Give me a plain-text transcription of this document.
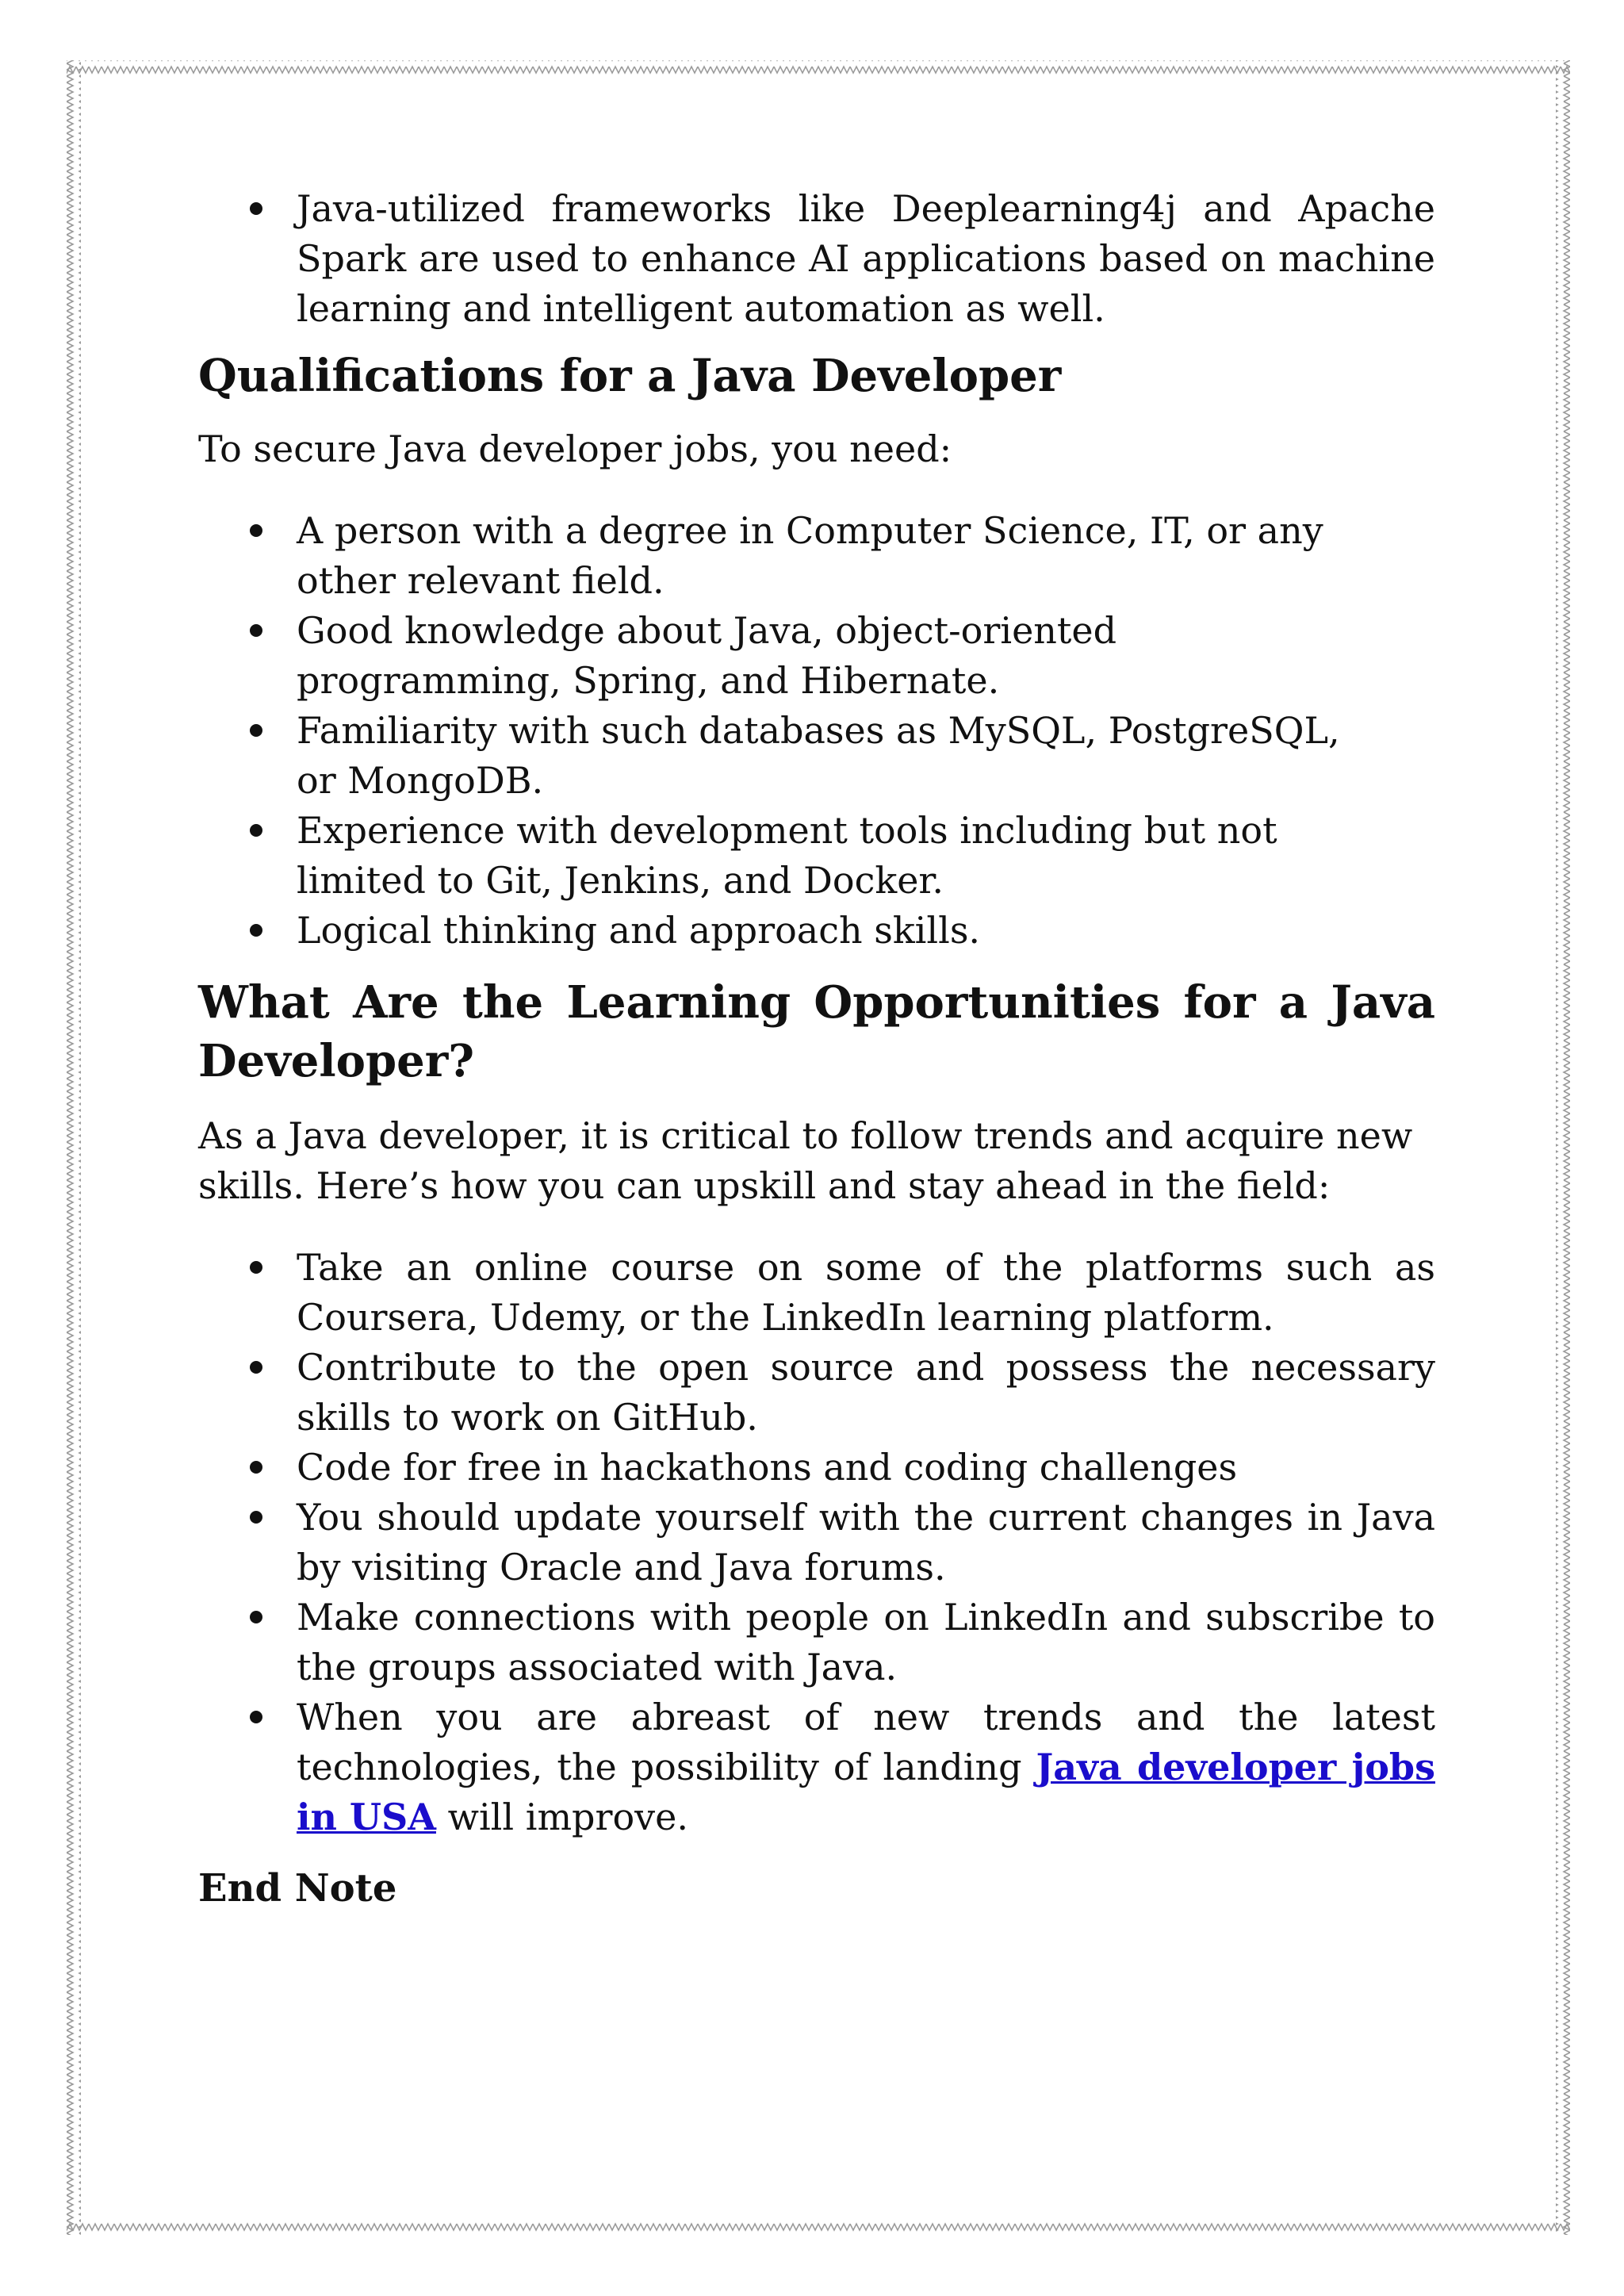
Java-utilized frameworks like Deeplearning4j and Apache Spark are used to enhance AI applications based on machine learning and intelligent automation as well.
Qualifications for a Java Developer

To secure Java developer jobs, you need:

A person with a degree in Computer Science, IT, or any other relevant field.
Good knowledge about Java, object-oriented programming, Spring, and Hibernate.
Familiarity with such databases as MySQL, PostgreSQL, or MongoDB.
Experience with development tools including but not limited to Git, Jenkins, and Docker.
Logical thinking and approach skills.
What Are the Learning Opportunities for a Java Developer?

As a Java developer, it is critical to follow trends and acquire new skills. Here’s how you can upskill and stay ahead in the field:

Take an online course on some of the platforms such as Coursera, Udemy, or the LinkedIn learning platform.
Contribute to the open source and possess the necessary skills to work on GitHub.
Code for free in hackathons and coding challenges
You should update yourself with the current changes in Java by visiting Oracle and Java forums.
Make connections with people on LinkedIn and subscribe to the groups associated with Java.
When you are abreast of new trends and the latest technologies, the possibility of landing Java developer jobs in USA will improve.
End Note
